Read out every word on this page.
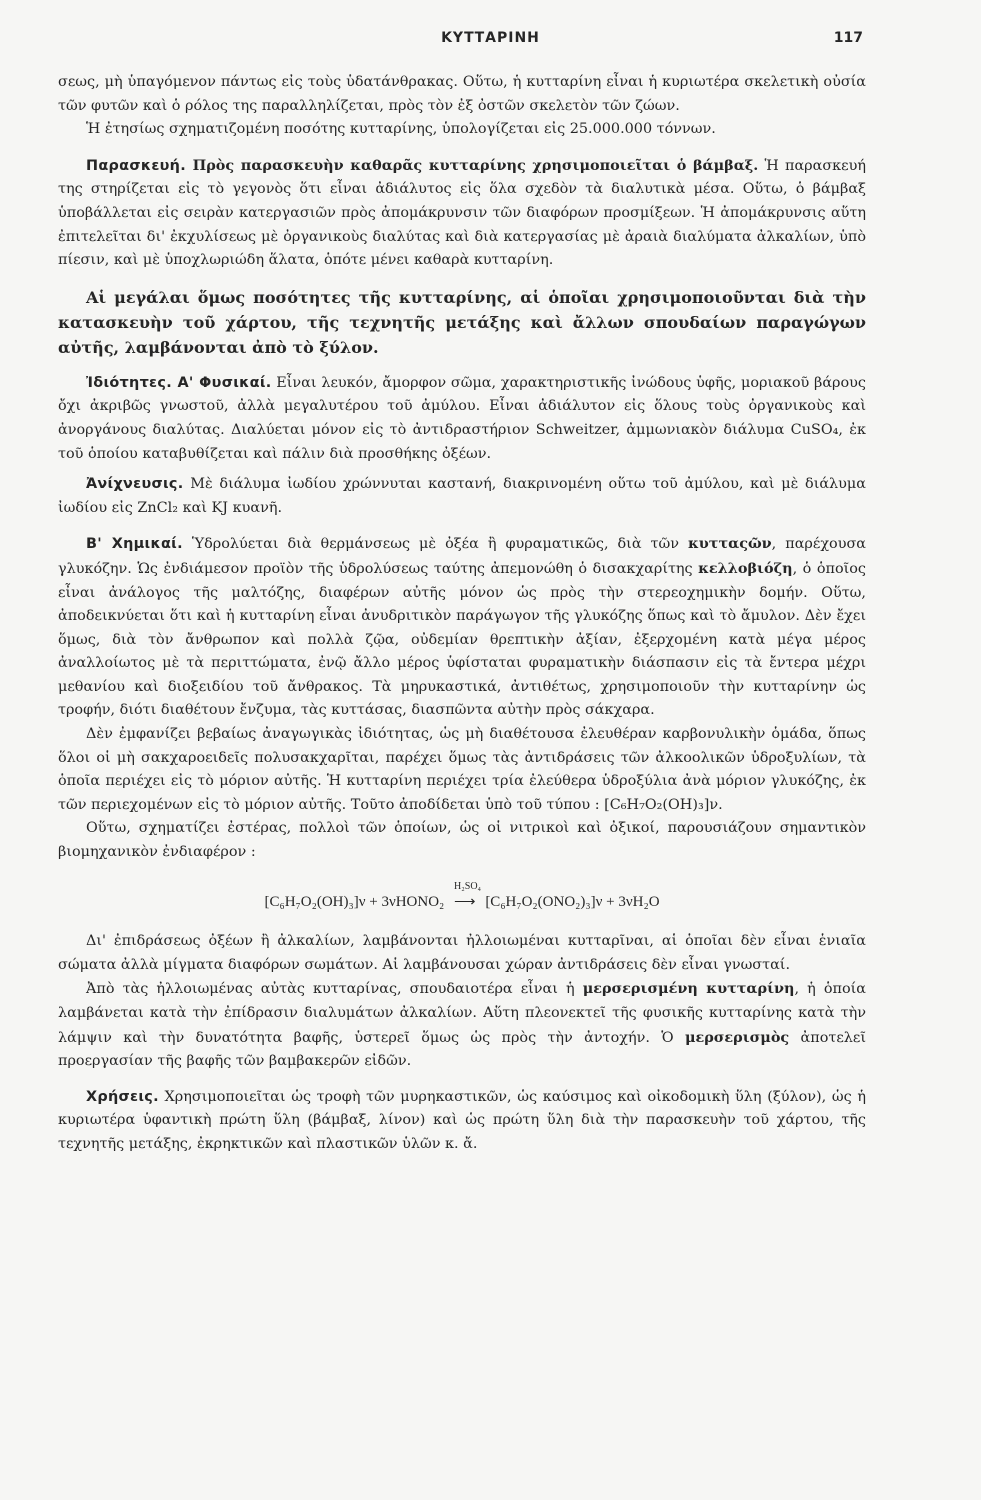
ΚΥΤΤΑΡΙΝΗ	117

σεως, μὴ ὑπαγόμενον πάντως εἰς τοὺς ὑδατάνθρακας. Οὕτω, ἡ κυτταρίνη εἶναι ἡ κυριωτέρα σκελετικὴ οὐσία τῶν φυτῶν καὶ ὁ ρόλος της παραλληλίζεται, πρὸς τὸν ἐξ ὀστῶν σκελετὸν τῶν ζώων.

Ἡ ἐτησίως σχηματιζομένη ποσότης κυτταρίνης, ὑπολογίζεται εἰς 25.000.000 τόννων.

Παρασκευή. Πρὸς παρασκευὴν καθαρᾶς κυτταρίνης χρησιμοποιεῖται ὁ βάμβαξ. Ἡ παρασκευή της στηρίζεται εἰς τὸ γεγονὸς ὅτι εἶναι ἀδιάλυτος εἰς ὅλα σχεδὸν τὰ διαλυτικὰ μέσα. Οὕτω, ὁ βάμβαξ ὑποβάλλεται εἰς σειρὰν κατεργασιῶν πρὸς ἀπομάκρυνσιν τῶν διαφόρων προσμίξεων. Ἡ ἀπομάκρυνσις αὕτη ἐπιτελεῖται δι' ἐκχυλίσεως μὲ ὀργανικοὺς διαλύτας καὶ διὰ κατεργασίας μὲ ἀραιὰ διαλύματα ἀλκαλίων, ὑπὸ πίεσιν, καὶ μὲ ὑποχλωριώδη ἅλατα, ὁπότε μένει καθαρὰ κυτταρίνη.

Αἱ μεγάλαι ὅμως ποσότητες τῆς κυτταρίνης, αἱ ὁποῖαι χρησιμοποιοῦνται διὰ τὴν κατασκευὴν τοῦ χάρτου, τῆς τεχνητῆς μετάξης καὶ ἄλλων σπουδαίων παραγώγων αὐτῆς, λαμβάνονται ἀπὸ τὸ ξύλον.

Ἰδιότητες. Α' Φυσικαί. Εἶναι λευκόν, ἄμορφον σῶμα, χαρακτηριστικῆς ἰνώδους ὑφῆς, μοριακοῦ βάρους ὄχι ἀκριβῶς γνωστοῦ, ἀλλὰ μεγαλυτέρου τοῦ ἀμύλου. Εἶναι ἀδιάλυτον εἰς ὅλους τοὺς ὀργανικοὺς καὶ ἀνοργάνους διαλύτας. Διαλύεται μόνον εἰς τὸ ἀντιδραστήριον Schweitzer, ἀμμωνιακὸν διάλυμα CuSO₄, ἐκ τοῦ ὁποίου καταβυθίζεται καὶ πάλιν διὰ προσθήκης ὀξέων.

Ἀνίχνευσις. Μὲ διάλυμα ἰωδίου χρώννυται καστανή, διακρινομένη οὕτω τοῦ ἀμύλου, καὶ μὲ διάλυμα ἰωδίου εἰς ZnCl₂ καὶ KJ κυανῆ.

Β' Χημικαί. Ὑδρολύεται διὰ θερμάνσεως μὲ ὀξέα ἢ φυραματικῶς, διὰ τῶν κυτταςῶν, παρέχουσα γλυκόζην. Ὡς ἐνδιάμεσον προϊὸν τῆς ὑδρολύσεως ταύτης ἀπεμονώθη ὁ δισακχαρίτης κελλοβιόζη, ὁ ὁποῖος εἶναι ἀνάλογος τῆς μαλτόζης, διαφέρων αὐτῆς μόνον ὡς πρὸς τὴν στερεοχημικὴν δομήν. Οὕτω, ἀποδεικνύεται ὅτι καὶ ἡ κυτταρίνη εἶναι ἀνυδριτικὸν παράγωγον τῆς γλυκόζης ὅπως καὶ τὸ ἄμυλον. Δὲν ἔχει ὅμως, διὰ τὸν ἄνθρωπον καὶ πολλὰ ζῷα, οὐδεμίαν θρεπτικὴν ἀξίαν, ἐξερχομένη κατὰ μέγα μέρος ἀναλλοίωτος μὲ τὰ περιττώματα, ἐνῷ ἄλλο μέρος ὑφίσταται φυραματικὴν διάσπασιν εἰς τὰ ἔντερα μέχρι μεθανίου καὶ διοξειδίου τοῦ ἄνθρακος. Τὰ μηρυκαστικά, ἀντιθέτως, χρησιμοποιοῦν τὴν κυτταρίνην ὡς τροφήν, διότι διαθέτουν ἔνζυμα, τὰς κυττάσας, διασπῶντα αὐτὴν πρὸς σάκχαρα.

Δὲν ἐμφανίζει βεβαίως ἀναγωγικὰς ἰδιότητας, ὡς μὴ διαθέτουσα ἐλευθέραν καρβονυλικὴν ὁμάδα, ὅπως ὅλοι οἱ μὴ σακχαροειδεῖς πολυσακχαρῖται, παρέχει ὅμως τὰς ἀντιδράσεις τῶν ἀλκοολικῶν ὑδροξυλίων, τὰ ὁποῖα περιέχει εἰς τὸ μόριον αὐτῆς. Ἡ κυτταρίνη περιέχει τρία ἐλεύθερα ὑδροξύλια ἀνὰ μόριον γλυκόζης, ἐκ τῶν περιεχομένων εἰς τὸ μόριον αὐτῆς. Τοῦτο ἀποδίδεται ὑπὸ τοῦ τύπου : [C₆H₇O₂(OH)₃]ν.

Οὕτω, σχηματίζει ἐστέρας, πολλοὶ τῶν ὁποίων, ὡς οἱ νιτρικοὶ καὶ ὀξικοί, παρουσιάζουν σημαντικὸν βιομηχανικὸν ἐνδιαφέρον :

[C₆H₇O₂(OH)₃]ν + 3νHONO₂
H₂SO₄
⟶ [C₆H₇O₂(ONO₂)₃]ν + 3νH₂O

Δι' ἐπιδράσεως ὀξέων ἢ ἀλκαλίων, λαμβάνονται ἠλλοιωμέναι κυτταρῖναι, αἱ ὁποῖαι δὲν εἶναι ἑνιαῖα σώματα ἀλλὰ μίγματα διαφόρων σωμάτων. Αἱ λαμβάνουσαι χώραν ἀντιδράσεις δὲν εἶναι γνωσταί.

Ἀπὸ τὰς ἠλλοιωμένας αὐτὰς κυτταρίνας, σπουδαιοτέρα εἶναι ἡ μερσερισμένη κυτταρίνη, ἡ ὁποία λαμβάνεται κατὰ τὴν ἐπίδρασιν διαλυμάτων ἀλκαλίων. Αὕτη πλεονεκτεῖ τῆς φυσικῆς κυτταρίνης κατὰ τὴν λάμψιν καὶ τὴν δυνατότητα βαφῆς, ὑστερεῖ ὅμως ὡς πρὸς τὴν ἀντοχήν. Ὁ μερσερισμὸς ἀποτελεῖ προεργασίαν τῆς βαφῆς τῶν βαμβακερῶν εἰδῶν.

Χρήσεις. Χρησιμοποιεῖται ὡς τροφὴ τῶν μυρηκαστικῶν, ὡς καύσιμος καὶ οἰκοδομικὴ ὕλη (ξύλον), ὡς ἡ κυριωτέρα ὑφαντικὴ πρώτη ὕλη (βάμβαξ, λίνον) καὶ ὡς πρώτη ὕλη διὰ τὴν παρασκευὴν τοῦ χάρτου, τῆς τεχνητῆς μετάξης, ἐκρηκτικῶν καὶ πλαστικῶν ὑλῶν κ. ἄ.
